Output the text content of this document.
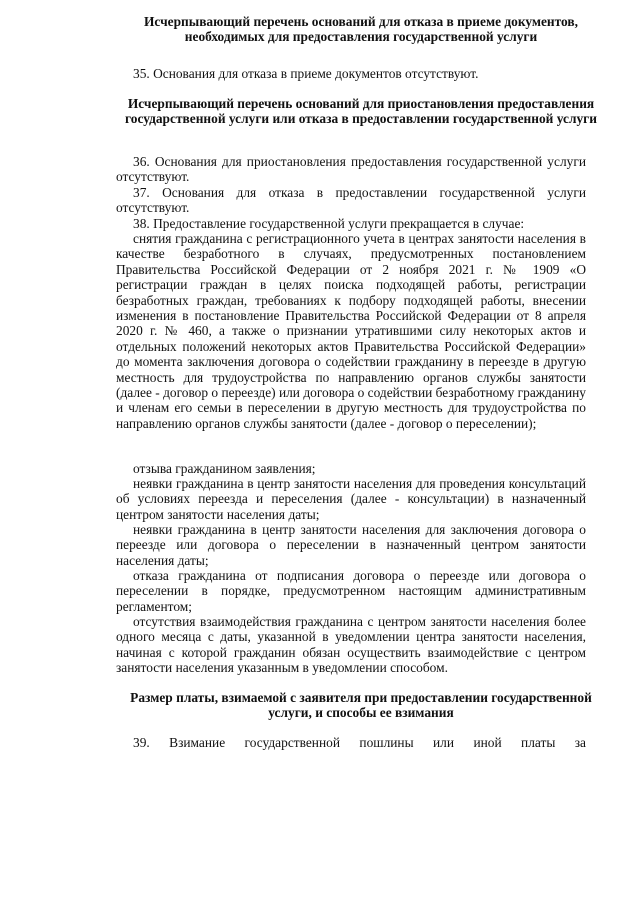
Исчерпывающий перечень оснований для отказа в приеме документов, необходимых для предоставления государственной услуги
35. Основания для отказа в приеме документов отсутствуют.
Исчерпывающий перечень оснований для приостановления предоставления государственной услуги или отказа в предоставлении государственной услуги
36. Основания для приостановления предоставления государственной услуги отсутствуют.
37. Основания для отказа в предоставлении государственной услуги отсутствуют.
38. Предоставление государственной услуги прекращается в случае:
снятия гражданина с регистрационного учета в центрах занятости населения в качестве безработного в случаях, предусмотренных постановлением Правительства Российской Федерации от 2 ноября 2021 г. № 1909 «О регистрации граждан в целях поиска подходящей работы, регистрации безработных граждан, требованиях к подбору подходящей работы, внесении изменения в постановление Правительства Российской Федерации от 8 апреля 2020 г. № 460, а также о признании утратившими силу некоторых актов и отдельных положений некоторых актов Правительства Российской Федерации» до момента заключения договора о содействии гражданину в переезде в другую местность для трудоустройства по направлению органов службы занятости (далее - договор о переезде) или договора о содействии безработному гражданину и членам его семьи в переселении в другую местность для трудоустройства по направлению органов службы занятости (далее - договор о переселении);
отзыва гражданином заявления;
неявки гражданина в центр занятости населения для проведения консультаций об условиях переезда и переселения (далее - консультации) в назначенный центром занятости населения даты;
неявки гражданина в центр занятости населения для заключения договора о переезде или договора о переселении в назначенный центром занятости населения даты;
отказа гражданина от подписания договора о переезде или договора о переселении в порядке, предусмотренном настоящим административным регламентом;
отсутствия взаимодействия гражданина с центром занятости населения более одного месяца с даты, указанной в уведомлении центра занятости населения, начиная с которой гражданин обязан осуществить взаимодействие с центром занятости населения указанным в уведомлении способом.
Размер платы, взимаемой с заявителя при предоставлении государственной услуги, и способы ее взимания
39. Взимание государственной пошлины или иной платы за
